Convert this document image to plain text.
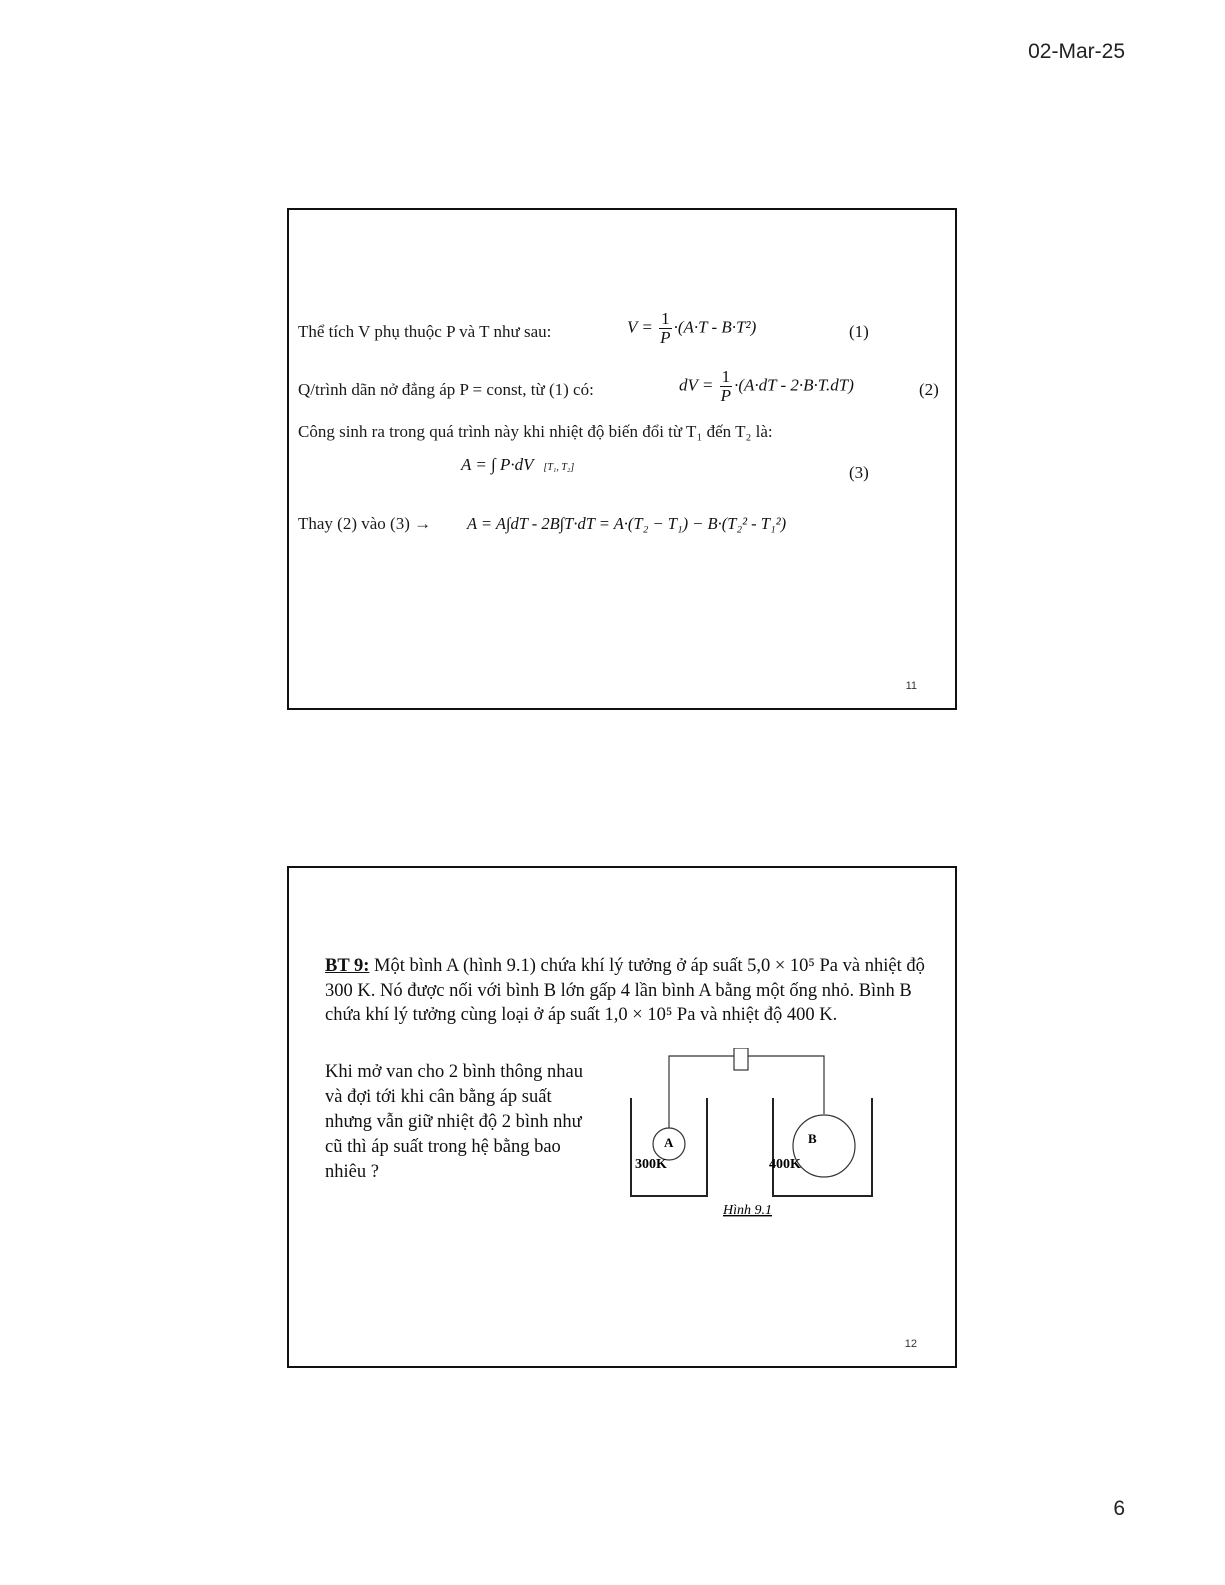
02-Mar-25
Thể tích V phụ thuộc P và T như sau:	$V = \frac{1}{P} \cdot(A\cdot T - B\cdot T^2)$	(1)
Q/trình dãn nở đẳng áp P = const, từ (1) có:	dV = $\frac{1}{P} \cdot(A\cdot dT - 2\cdot B\cdot T.dT)$	(2)
Công sinh ra trong quá trình này khi nhiệt độ biến đổi từ T₁ đến T₂ là:
A = ∫ P·dV [T₁, T₂]	(3)
Thay (2) vào (3) → A = A∫dT - 2B∫T·dT = A·(T₂ − T₁) − B·(T₂² - T₁²)
11
BT 9: Một bình A (hình 9.1) chứa khí lý tưởng ở áp suất 5,0 × 10⁵ Pa và nhiệt độ 300 K. Nó được nối với bình B lớn gấp 4 lần bình A bằng một ống nhỏ. Bình B chứa khí lý tưởng cùng loại ở áp suất 1,0 × 10⁵ Pa và nhiệt độ 400 K.
Khi mở van cho 2 bình thông nhau và đợi tới khi cân bằng áp suất nhưng vẫn giữ nhiệt độ 2 bình như cũ thì áp suất trong hệ bằng bao nhiêu ?
A
300K
B
400K
Hình 9.1
12
6
